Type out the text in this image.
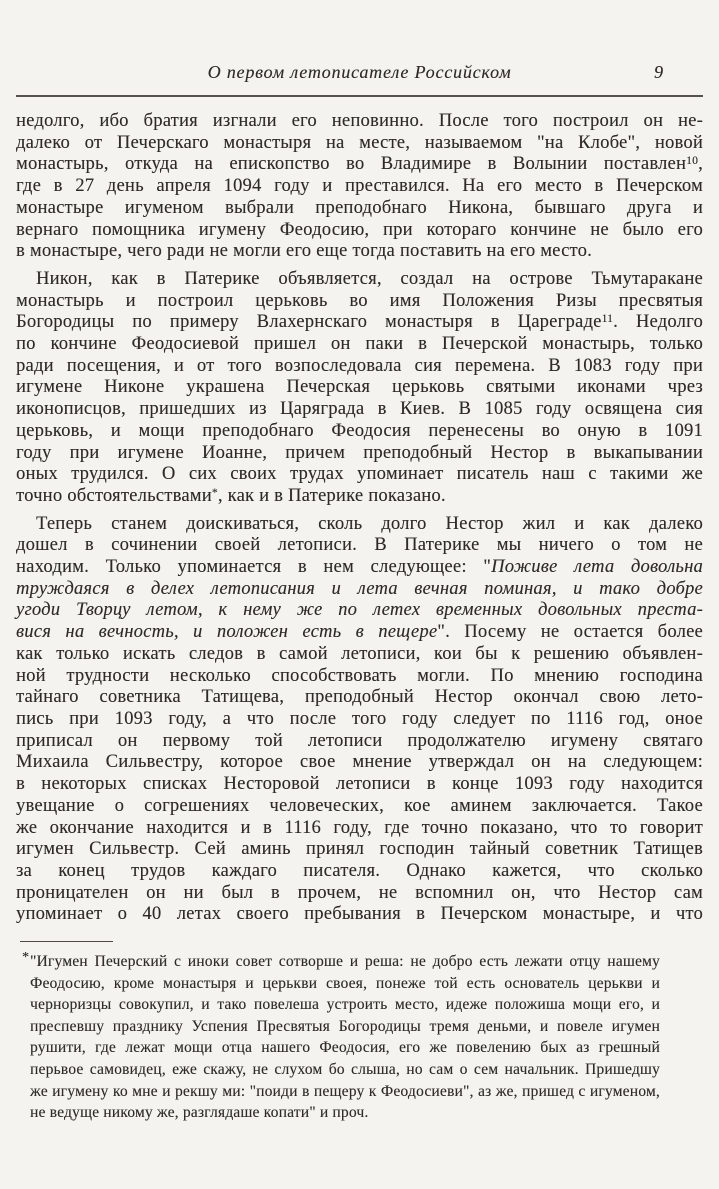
О первом летописателе Российском	9
недолго, ибо братия изгнали его неповинно. После того построил он не-
далеко от Печерскаго монастыря на месте, называемом "на Клобе", новой
монастырь, откуда на епископство во Владимире в Волынии поставлен$^{10}$,
где в 27 день апреля 1094 году и преставился. На его место в Печерском
монастыре игуменом выбрали преподобнаго Никона, бывшаго друга и
вернаго помощника игумену Феодосию, при котораго кончине не было его
в монастыре, чего ради не могли его еще тогда поставить на его место.
Никон, как в Патерике объявляется, создал на острове Тьмутаракане
монастырь и построил церьковь во имя Положения Ризы пресвятыя
Богородицы по примеру Влахернскаго монастыря в Цареграде$^{11}$. Недолго
по кончине Феодосиевой пришел он паки в Печерской монастырь, только
ради посещения, и от того возпоследовала сия перемена. В 1083 году при
игумене Никоне украшена Печерская церьковь святыми иконами чрез
иконописцов, пришедших из Царяграда в Киев. В 1085 году освящена сия
церьковь, и мощи преподобнаго Феодосия перенесены во оную в 1091
году при игумене Иоанне, причем преподобный Нестор в выкапывании
оных трудился. О сих своих трудах упоминает писатель наш с такими же
точно обстоятельствами*, как и в Патерике показано.
Теперь станем доискиваться, сколь долго Нестор жил и как далеко
дошел в сочинении своей летописи. В Патерике мы ничего о том не
находим. Только упоминается в нем следующее: "Поживе лета довольна
труждаяся в делех летописания и лета вечная поминая, и тако добре
угоди Творцу летом, к нему же по летех временных довольных преста-
вися на вечность, и положен есть в пещере". Посему не остается более
как только искать следов в самой летописи, кои бы к решению объявлен-
ной трудности несколько способствовать могли. По мнению господина
тайнаго советника Татищева, преподобный Нестор окончал свою лето-
пись при 1093 году, а что после того году следует по 1116 год, оное
приписал он первому той летописи продолжателю игумену святаго
Михаила Сильвестру, которое свое мнение утверждал он на следующем:
в некоторых списках Несторовой летописи в конце 1093 году находится
увещание о согрешениях человеческих, кое аминем заключается. Такое
же окончание находится и в 1116 году, где точно показано, что то говорит
игумен Сильвестр. Сей аминь принял господин тайный советник Татищев
за конец трудов каждаго писателя. Однако кажется, что сколько
проницателен он ни был в прочем, не вспомнил он, что Нестор сам
упоминает о 40 летах своего пребывания в Печерском монастыре, и что
* "Игумен Печерский с иноки совет сотворше и реша: не добро есть лежати отцу нашему
Феодосию, кроме монастыря и церькви своея, понеже той есть основатель церькви и
черноризцы совокупил, и тако повелеша устроить место, идеже положиша мощи его, и
преспевшу празднику Успения Пресвятыя Богородицы тремя деньми, и повеле игумен
рушити, где лежат мощи отца нашего Феодосия, его же повелению бых аз грешный
перьвое самовидец, еже скажу, не слухом бо слыша, но сам о сем начальник. Пришедшу
же игумену ко мне и рекшу ми: "поиди в пещеру к Феодосиеви", аз же, пришед с игуменом,
не ведуще никому же, разглядаше копати" и проч.
